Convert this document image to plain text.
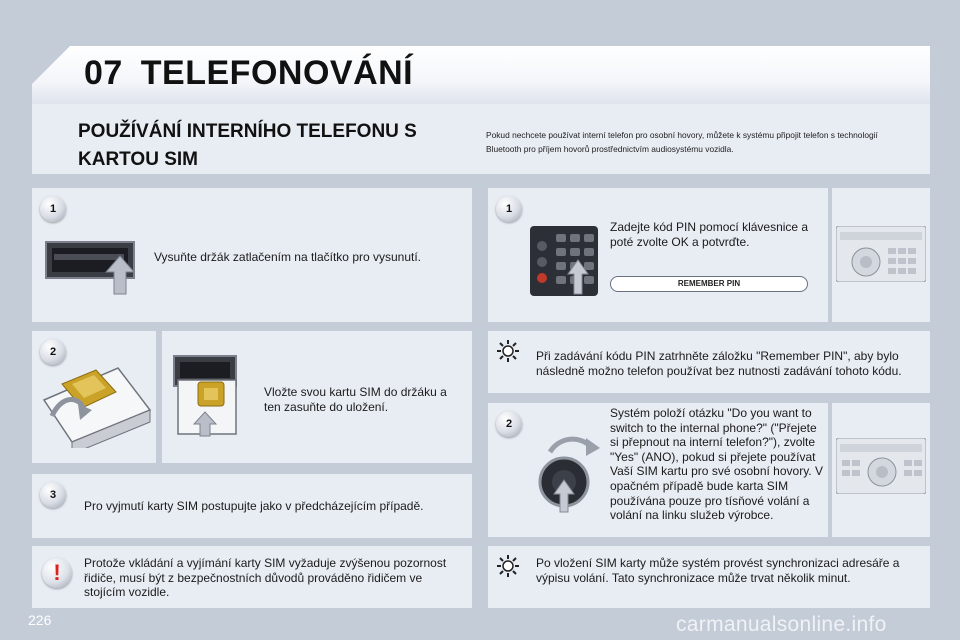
07 TELEFONOVÁNÍ
POUŽÍVÁNÍ INTERNÍHO TELEFONU S KARTOU SIM
Pokud nechcete používat interní telefon pro osobní hovory, můžete k systému připojit telefon s technologií Bluetooth pro příjem hovorů prostřednictvím audiosystému vozidla.
1
Vysuňte držák zatlačením na tlačítko pro vysunutí.
2
Vložte svou kartu SIM do držáku a ten zasuňte do uložení.
3
Pro vyjmutí karty SIM postupujte jako v předcházejícím případě.
!	Protože vkládání a vyjímání karty SIM vyžaduje zvýšenou pozornost řidiče, musí být z bezpečnostních důvodů prováděno řidičem ve stojícím vozidle.
1
Zadejte kód PIN pomocí klávesnice a poté zvolte OK a potvrďte.
REMEMBER PIN
Při zadávání kódu PIN zatrhněte záložku "Remember PIN", aby bylo následně možno telefon používat bez nutnosti zadávání tohoto kódu.
2
Systém položí otázku "Do you want to switch to the internal phone?" ("Přejete si přepnout na interní telefon?"), zvolte "Yes" (ANO), pokud si přejete používat Vaší SIM kartu pro své osobní hovory. V opačném případě bude karta SIM používána pouze pro tísňové volání a volání na linku služeb výrobce.
Po vložení SIM karty může systém provést synchronizaci adresáře a výpisu volání. Tato synchronizace může trvat několik minut.
226	carmanualsonline.info
